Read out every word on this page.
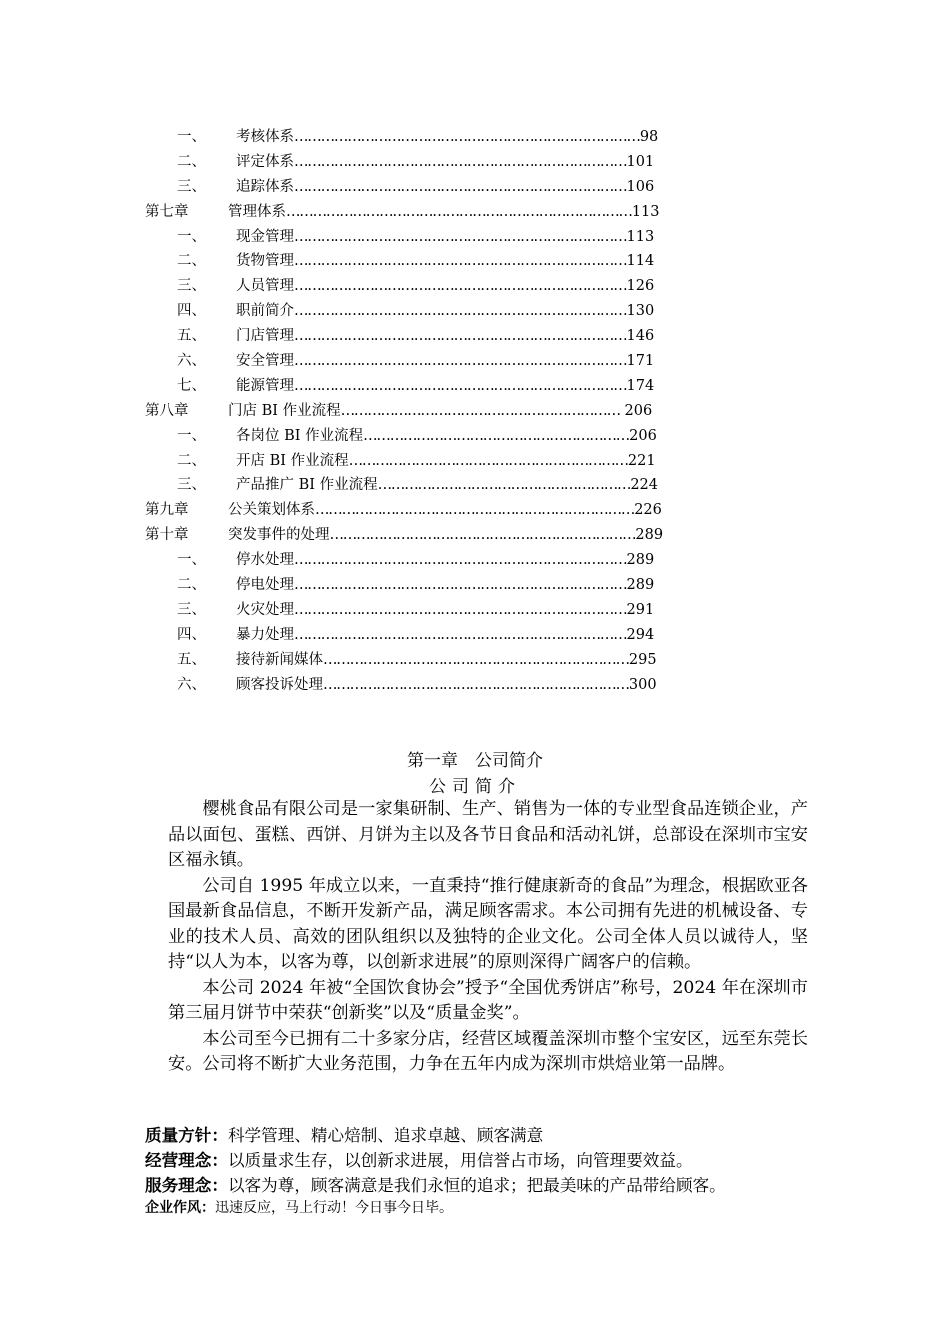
一、 考核体系……………………………………………………………………98
二、 评定体系…………………………………………………………………101
三、 追踪体系…………………………………………………………………106
第七章	管理体系……………………………………………………………………113
一、 现金管理…………………………………………………………………113
二、 货物管理…………………………………………………………………114
三、 人员管理…………………………………………………………………126
四、 职前简介…………………………………………………………………130
五、 门店管理…………………………………………………………………146
六、 安全管理…………………………………………………………………171
七、 能源管理…………………………………………………………………174
第八章	门店 BI 作业流程……………………………………………………… 206
一、 各岗位 BI 作业流程……………………………………………………206
二、 开店 BI 作业流程………………………………………………………221
三、 产品推广 BI 作业流程…………………………………………………224
第九章	公关策划体系………………………………………………………………226
第十章	突发事件的处理……………………………………………………………289
一、 停水处理…………………………………………………………………289
二、 停电处理…………………………………………………………………289
三、 火灾处理…………………………………………………………………291
四、 暴力处理…………………………………………………………………294
五、 接待新闻媒体……………………………………………………………295
六、 顾客投诉处理……………………………………………………………300
第一章　公司简介
公司简介

樱桃食品有限公司是一家集研制、生产、销售为一体的专业型食品连锁企业，产品以面包、蛋糕、西饼、月饼为主以及各节日食品和活动礼饼，总部设在深圳市宝安区福永镇。

公司自 1995 年成立以来，一直秉持“推行健康新奇的食品”为理念，根据欧亚各国最新食品信息，不断开发新产品，满足顾客需求。本公司拥有先进的机械设备、专业的技术人员、高效的团队组织以及独特的企业文化。公司全体人员以诚待人，坚持“以人为本，以客为尊，以创新求进展”的原则深得广阔客户的信赖。

本公司 2024 年被“全国饮食协会”授予“全国优秀饼店”称号，2024 年在深圳市第三届月饼节中荣获“创新奖”以及“质量金奖”。

本公司至今已拥有二十多家分店，经营区域覆盖深圳市整个宝安区，远至东莞长安。公司将不断扩大业务范围，力争在五年内成为深圳市烘焙业第一品牌。

质量方针：科学管理、精心焙制、追求卓越、顾客满意
经营理念：以质量求生存，以创新求进展，用信誉占市场，向管理要效益。
服务理念：以客为尊，顾客满意是我们永恒的追求；把最美味的产品带给顾客。
企业作风：迅速反应，马上行动！今日事今日毕。
